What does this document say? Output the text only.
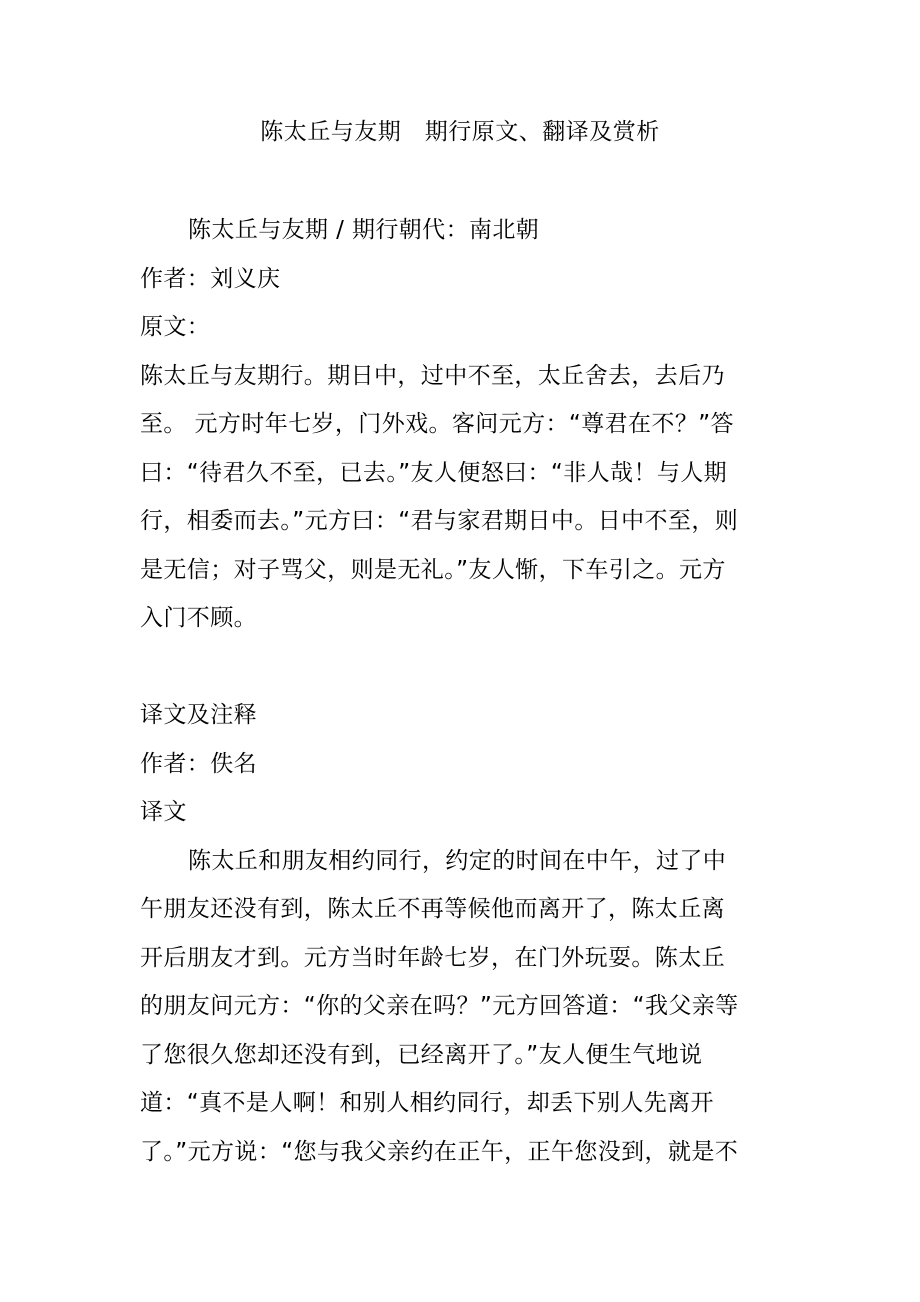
陈太丘与友期　期行原文、翻译及赏析
陈太丘与友期 / 期行朝代：南北朝
作者：刘义庆
原文：
陈太丘与友期行。期日中，过中不至，太丘舍去，去后乃
至。 元方时年七岁，门外戏。客问元方：“尊君在不？”答
曰：“待君久不至，已去。”友人便怒曰：“非人哉！与人期
行，相委而去。”元方曰：“君与家君期日中。日中不至，则
是无信；对子骂父，则是无礼。”友人惭，下车引之。元方
入门不顾。
译文及注释
作者：佚名
译文
陈太丘和朋友相约同行，约定的时间在中午，过了中
午朋友还没有到，陈太丘不再等候他而离开了，陈太丘离
开后朋友才到。元方当时年龄七岁，在门外玩耍。陈太丘
的朋友问元方：“你的父亲在吗？”元方回答道：“我父亲等
了您很久您却还没有到，已经离开了。”友人便生气地说
道：“真不是人啊！和别人相约同行，却丢下别人先离开
了。”元方说：“您与我父亲约在正午，正午您没到，就是不
